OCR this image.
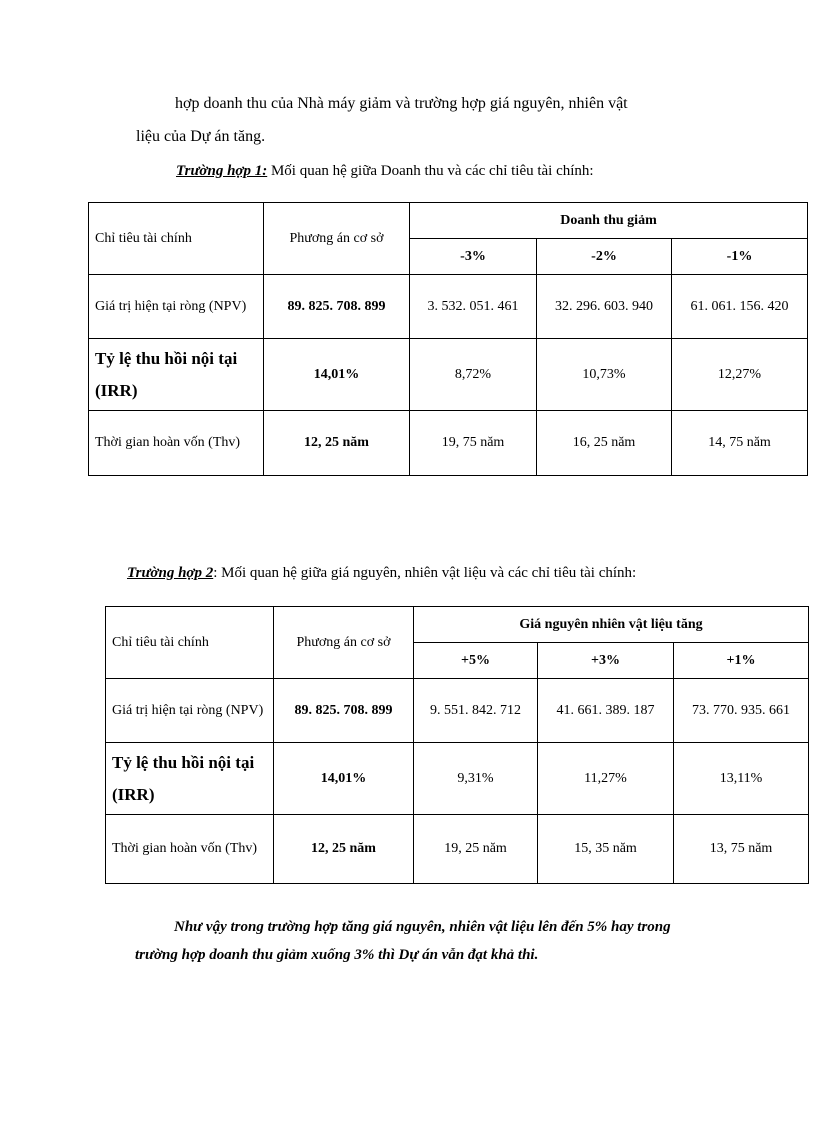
hợp doanh thu của Nhà máy giảm và trường hợp giá nguyên, nhiên vật
liệu của Dự án tăng.
Trường hợp 1: Mối quan hệ giữa Doanh thu và các chỉ tiêu tài chính:
Chỉ tiêu tài chính	Phương án cơ sở	Doanh thu giảm		
		-3%	-2%	-1%
Giá trị hiện tại ròng (NPV)	89. 825. 708. 899	3. 532. 051. 461	32. 296. 603. 940	61. 061. 156. 420
Tỷ lệ thu hồi nội tại (IRR)	14,01%	8,72%	10,73%	12,27%
Thời gian hoàn vốn (Thv)	12, 25 năm	19, 75 năm	16, 25 năm	14, 75 năm
Trường hợp 2: Mối quan hệ giữa giá nguyên, nhiên vật liệu và các chỉ tiêu tài chính:
Chỉ tiêu tài chính	Phương án cơ sở	Giá nguyên nhiên vật liệu tăng		
		+5%	+3%	+1%
Giá trị hiện tại ròng (NPV)	89. 825. 708. 899	9. 551. 842. 712	41. 661. 389. 187	73. 770. 935. 661
Tỷ lệ thu hồi nội tại (IRR)	14,01%	9,31%	11,27%	13,11%
Thời gian hoàn vốn (Thv)	12, 25 năm	19, 25 năm	15, 35 năm	13, 75 năm
Như vậy trong trường hợp tăng giá nguyên, nhiên vật liệu lên đến 5% hay trong
trường hợp doanh thu giảm xuống 3% thì Dự án vẫn đạt khả thi.
